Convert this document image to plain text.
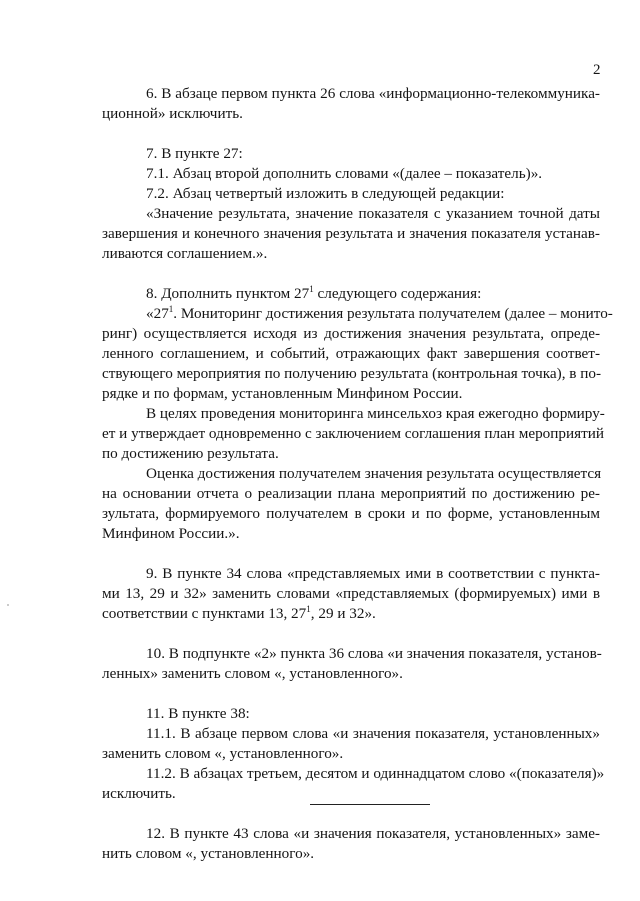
2
6. В абзаце первом пункта 26 слова «информационно-телекоммуника-
ционной» исключить.
7. В пункте 27:
7.1. Абзац второй дополнить словами «(далее – показатель)».
7.2. Абзац четвертый изложить в следующей редакции:
«Значение результата, значение показателя с указанием точной даты
завершения и конечного значения результата и значения показателя устанав-
ливаются соглашением.».
8. Дополнить пунктом $27^1$ следующего содержания:
«$27^1$. Мониторинг достижения результата получателем (далее – монито-
ринг) осуществляется исходя из достижения значения результата, опреде-
ленного соглашением, и событий, отражающих факт завершения соответ-
ствующего мероприятия по получению результата (контрольная точка), в по-
рядке и по формам, установленным Минфином России.
В целях проведения мониторинга минсельхоз края ежегодно формиру-
ет и утверждает одновременно с заключением соглашения план мероприятий
по достижению результата.
Оценка достижения получателем значения результата осуществляется
на основании отчета о реализации плана мероприятий по достижению ре-
зультата, формируемого получателем в сроки и по форме, установленным
Минфином России.».
9. В пункте 34 слова «представляемых ими в соответствии с пункта-
ми 13, 29 и 32» заменить словами «представляемых (формируемых) ими в
соответствии с пунктами 13, $27^1$, 29 и 32».
10. В подпункте «2» пункта 36 слова «и значения показателя, установ-
ленных» заменить словом «, установленного».
11. В пункте 38:
11.1. В абзаце первом слова «и значения показателя, установленных»
заменить словом «, установленного».
11.2. В абзацах третьем, десятом и одиннадцатом слово «(показателя)»
исключить.
12. В пункте 43 слова «и значения показателя, установленных» заме-
нить словом «, установленного».
